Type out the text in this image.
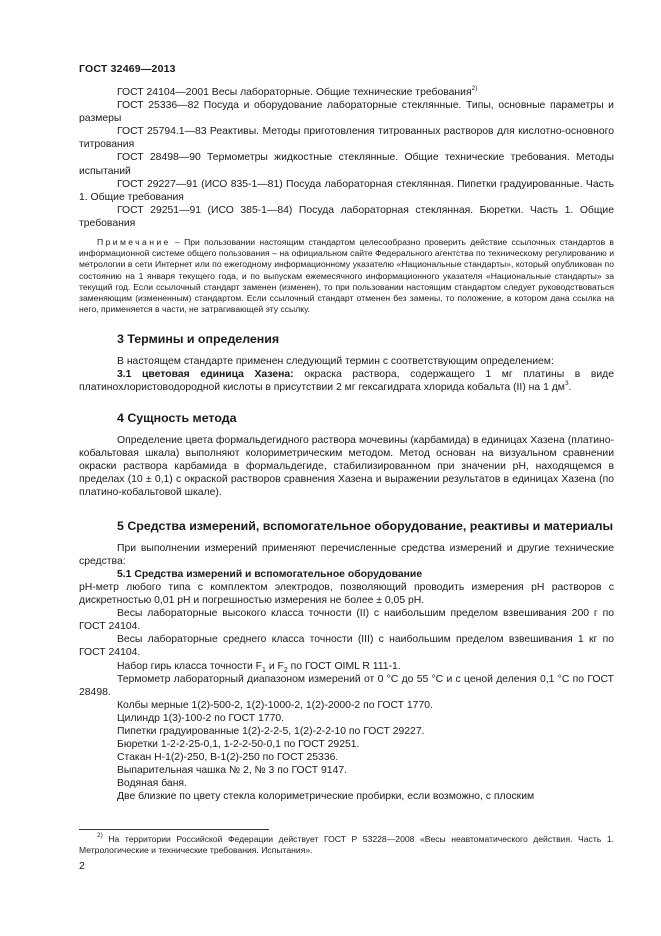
ГОСТ 32469—2013

ГОСТ 24104—2001 Весы лабораторные. Общие технические требования$^{2)}$

ГОСТ 25336—82 Посуда и оборудование лабораторные стеклянные. Типы, основные параметры и размеры

ГОСТ 25794.1—83 Реактивы. Методы приготовления титрованных растворов для кислотно-основного титрования

ГОСТ 28498—90 Термометры жидкостные стеклянные. Общие технические требования. Методы испытаний

ГОСТ 29227—91 (ИСО 835-1—81) Посуда лабораторная стеклянная. Пипетки градуированные. Часть 1. Общие требования

ГОСТ 29251—91 (ИСО 385-1—84) Посуда лабораторная стеклянная. Бюретки. Часть 1. Общие требования

Примечание – При пользовании настоящим стандартом целесообразно проверить действие ссылочных стандартов в информационной системе общего пользования – на официальном сайте Федерального агентства по техническому регулированию и метрологии в сети Интернет или по ежегодному информационному указателю «Национальные стандарты», который опубликован по состоянию на 1 января текущего года, и по выпускам ежемесячного информационного указателя «Национальные стандарты» за текущий год. Если ссылочный стандарт заменен (изменен), то при пользовании настоящим стандартом следует руководствоваться заменяющим (измененным) стандартом. Если ссылочный стандарт отменен без замены, то положение, в котором дана ссылка на него, применяется в части, не затрагивающей эту ссылку.

3 Термины и определения

В настоящем стандарте применен следующий термин с соответствующим определением:

3.1 цветовая единица Хазена: окраска раствора, содержащего 1 мг платины в виде платинохлористоводородной кислоты в присутствии 2 мг гексагидрата хлорида кобальта (II) на 1 $дм^3$.

4 Сущность метода

Определение цвета формальдегидного раствора мочевины (карбамида) в единицах Хазена (платино-кобальтовая шкала) выполняют колориметрическим методом. Метод основан на визуальном сравнении окраски раствора карбамида в формальдегиде, стабилизированном при значении рН, находящемся в пределах (10 ± 0,1) с окраской растворов сравнения Хазена и выражении результатов в единицах Хазена (по платино-кобальтовой шкале).

5 Средства измерений, вспомогательное оборудование, реактивы и материалы

При выполнении измерений применяют перечисленные средства измерений и другие технические средства:

5.1 Средства измерений и вспомогательное оборудование

рН-метр любого типа с комплектом электродов, позволяющий проводить измерения рН растворов с дискретностью 0,01 рН и погрешностью измерения не более ± 0,05 рН.

Весы лабораторные высокого класса точности (II) с наибольшим пределом взвешивания 200 г по ГОСТ 24104.

Весы лабораторные среднего класса точности (III) с наибольшим пределом взвешивания 1 кг по ГОСТ 24104.

Набор гирь класса точности $F_1$ и $F_2$ по ГОСТ OIML R 111-1.

Термометр лабораторный диапазоном измерений от 0 °С до 55 °С и с ценой деления 0,1 °С по ГОСТ 28498.

Колбы мерные 1(2)-500-2, 1(2)-1000-2, 1(2)-2000-2 по ГОСТ 1770.

Цилиндр 1(3)-100-2 по ГОСТ 1770.

Пипетки градуированные 1(2)-2-2-5, 1(2)-2-2-10 по ГОСТ 29227.

Бюретки 1-2-2-25-0,1, 1-2-2-50-0,1 по ГОСТ 29251.

Стакан Н-1(2)-250, В-1(2)-250 по ГОСТ 25336.

Выпарительная чашка № 2, № 3 по ГОСТ 9147.

Водяная баня.

Две близкие по цвету стекла колориметрические пробирки, если возможно, с плоским

$^{2)}$ На территории Российской Федерации действует ГОСТ Р 53228—2008 «Весы неавтоматического действия. Часть 1. Метрологические и технические требования. Испытания».
2
